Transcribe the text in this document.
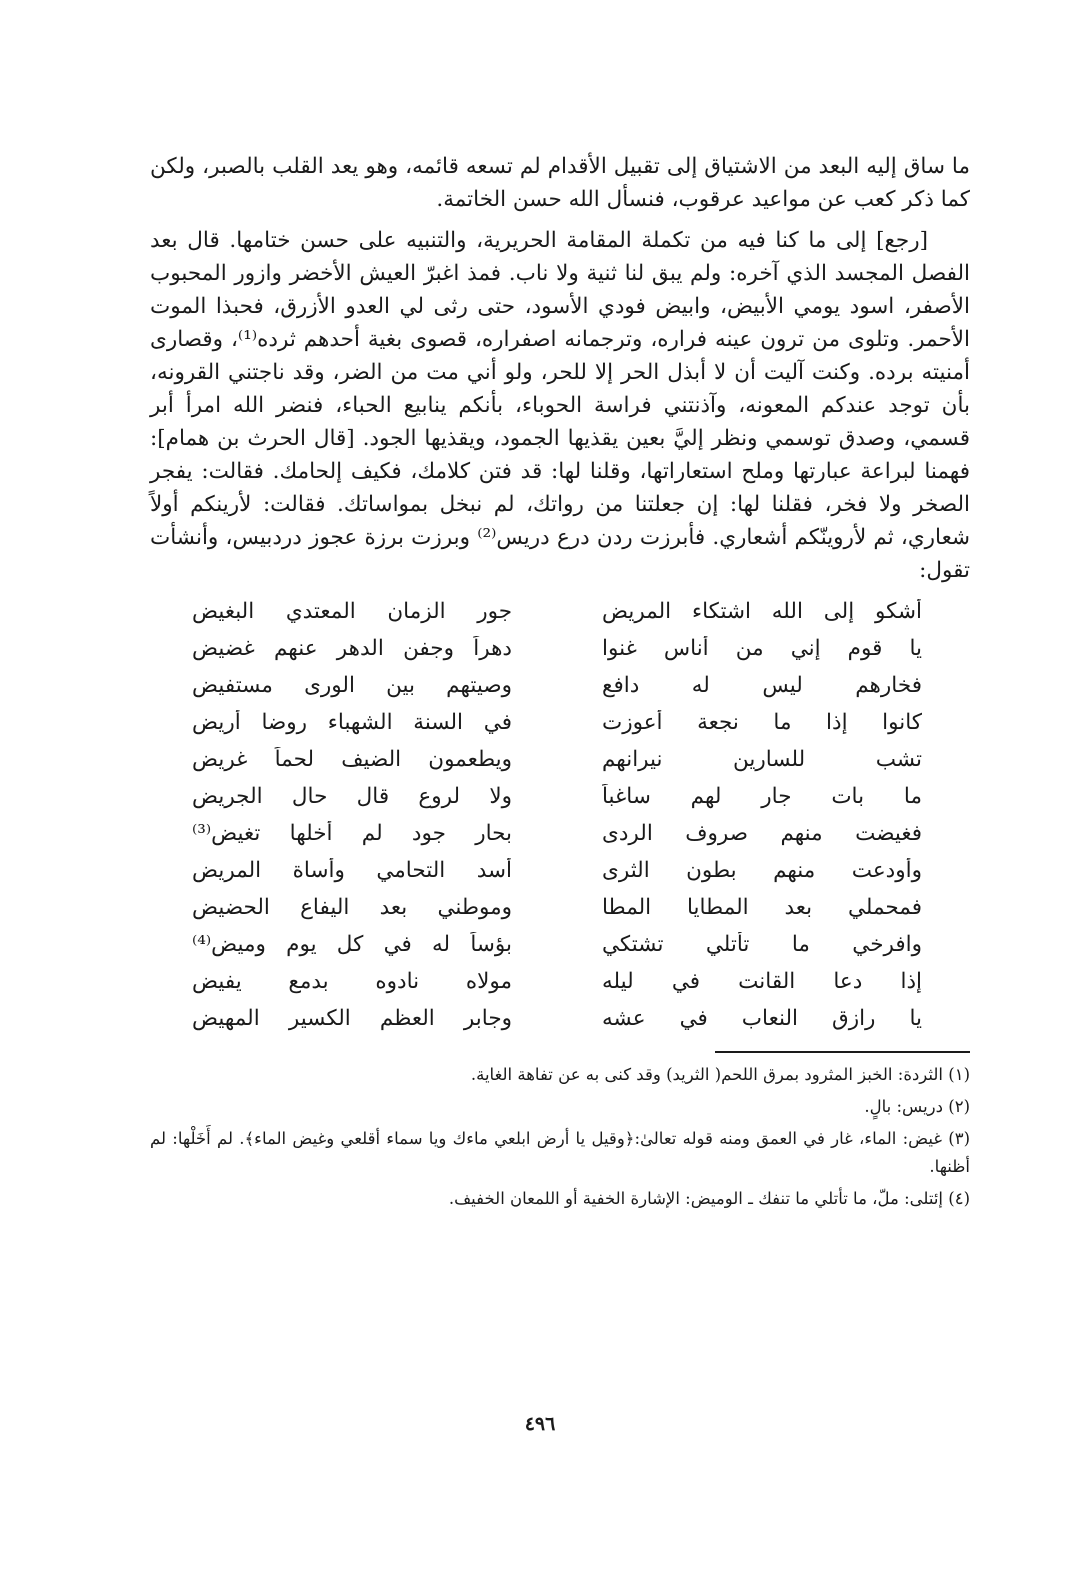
ما ساق إليه البعد من الاشتياق إلى تقبيل الأقدام لم تسعه قائمه، وهو يعد القلب بالصبر، ولكن كما ذكر كعب عن مواعيد عرقوب، فنسأل الله حسن الخاتمة.

[رجع] إلى ما كنا فيه من تكملة المقامة الحريرية، والتنبيه على حسن ختامها. قال بعد الفصل المجسد الذي آخره: ولم يبق لنا ثنية ولا ناب. فمذ اغبرّ العيش الأخضر وازور المحبوب الأصفر، اسود يومي الأبيض، وابيض فودي الأسود، حتى رثى لي العدو الأزرق، فحبذا الموت الأحمر. وتلوى من ترون عينه فراره، وترجمانه اصفراره، قصوى بغية أحدهم ثرده⁽¹⁾، وقصارى أمنيته برده. وكنت آليت أن لا أبذل الحر إلا للحر، ولو أني مت من الضر، وقد ناجتني القرونه، بأن توجد عندكم المعونه، وآذنتني فراسة الحوباء، بأنكم ينابيع الحباء، فنضر الله امرأ أبر قسمي، وصدق توسمي ونظر إليَّ بعين يقذيها الجمود، ويقذيها الجود. [قال الحرث بن همام]: فهمنا لبراعة عبارتها وملح استعاراتها، وقلنا لها: قد فتن كلامك، فكيف إلحامك. فقالت: يفجر الصخر ولا فخر، فقلنا لها: إن جعلتنا من رواتك، لم نبخل بمواساتك. فقالت: لأرينكم أولاً شعاري، ثم لأروينّكم أشعاري. فأبرزت ردن درع دريس⁽²⁾ وبرزت برزة عجوز دردبيس، وأنشأت تقول:

أشكو إلى الله اشتكاء المريض
جور الزمان المعتدي البغيض
يا قوم إني من أناس غنوا
دهراً وجفن الدهر عنهم غضيض
فخارهم ليس له دافع
وصيتهم بين الورى مستفيض
كانوا إذا ما نجعة أعوزت
في السنة الشهباء روضا أريض
تشب للسارين نيرانهم
ويطعمون الضيف لحماً غريض
ما بات جار لهم ساغباً
ولا لروع قال حال الجريض
فغيضت منهم صروف الردى
بحار جود لم أخلها تغيض⁽³⁾
وأودعت منهم بطون الثرى
أسد التحامي وأساة المريض
فمحملي بعد المطايا المطا
وموطني بعد اليفاع الحضيض
وافرخي ما تأتلي تشتكي
بؤساً له في كل يوم وميض⁽⁴⁾
إذا دعا القانت في ليله
مولاه نادوه بدمع يفيض
يا رازق النعاب في عشه
وجابر العظم الكسير المهيض

(١) الثردة: الخبز المثرود بمرق اللحم( الثريد) وقد كنى به عن تفاهة الغاية.

(٢) دريس: بالٍ.

(٣) غيض: الماء، غار في العمق ومنه قوله تعالىٰ:﴿وقيل يا أرض ابلعي ماءك ويا سماء أقلعي وغيض الماء﴾. لم أَخَلْها: لم أظنها.

(٤) إئتلى: ملّ، ما تأتلي ما تنفك ـ الوميض: الإشارة الخفية أو اللمعان الخفيف.

٤٩٦
